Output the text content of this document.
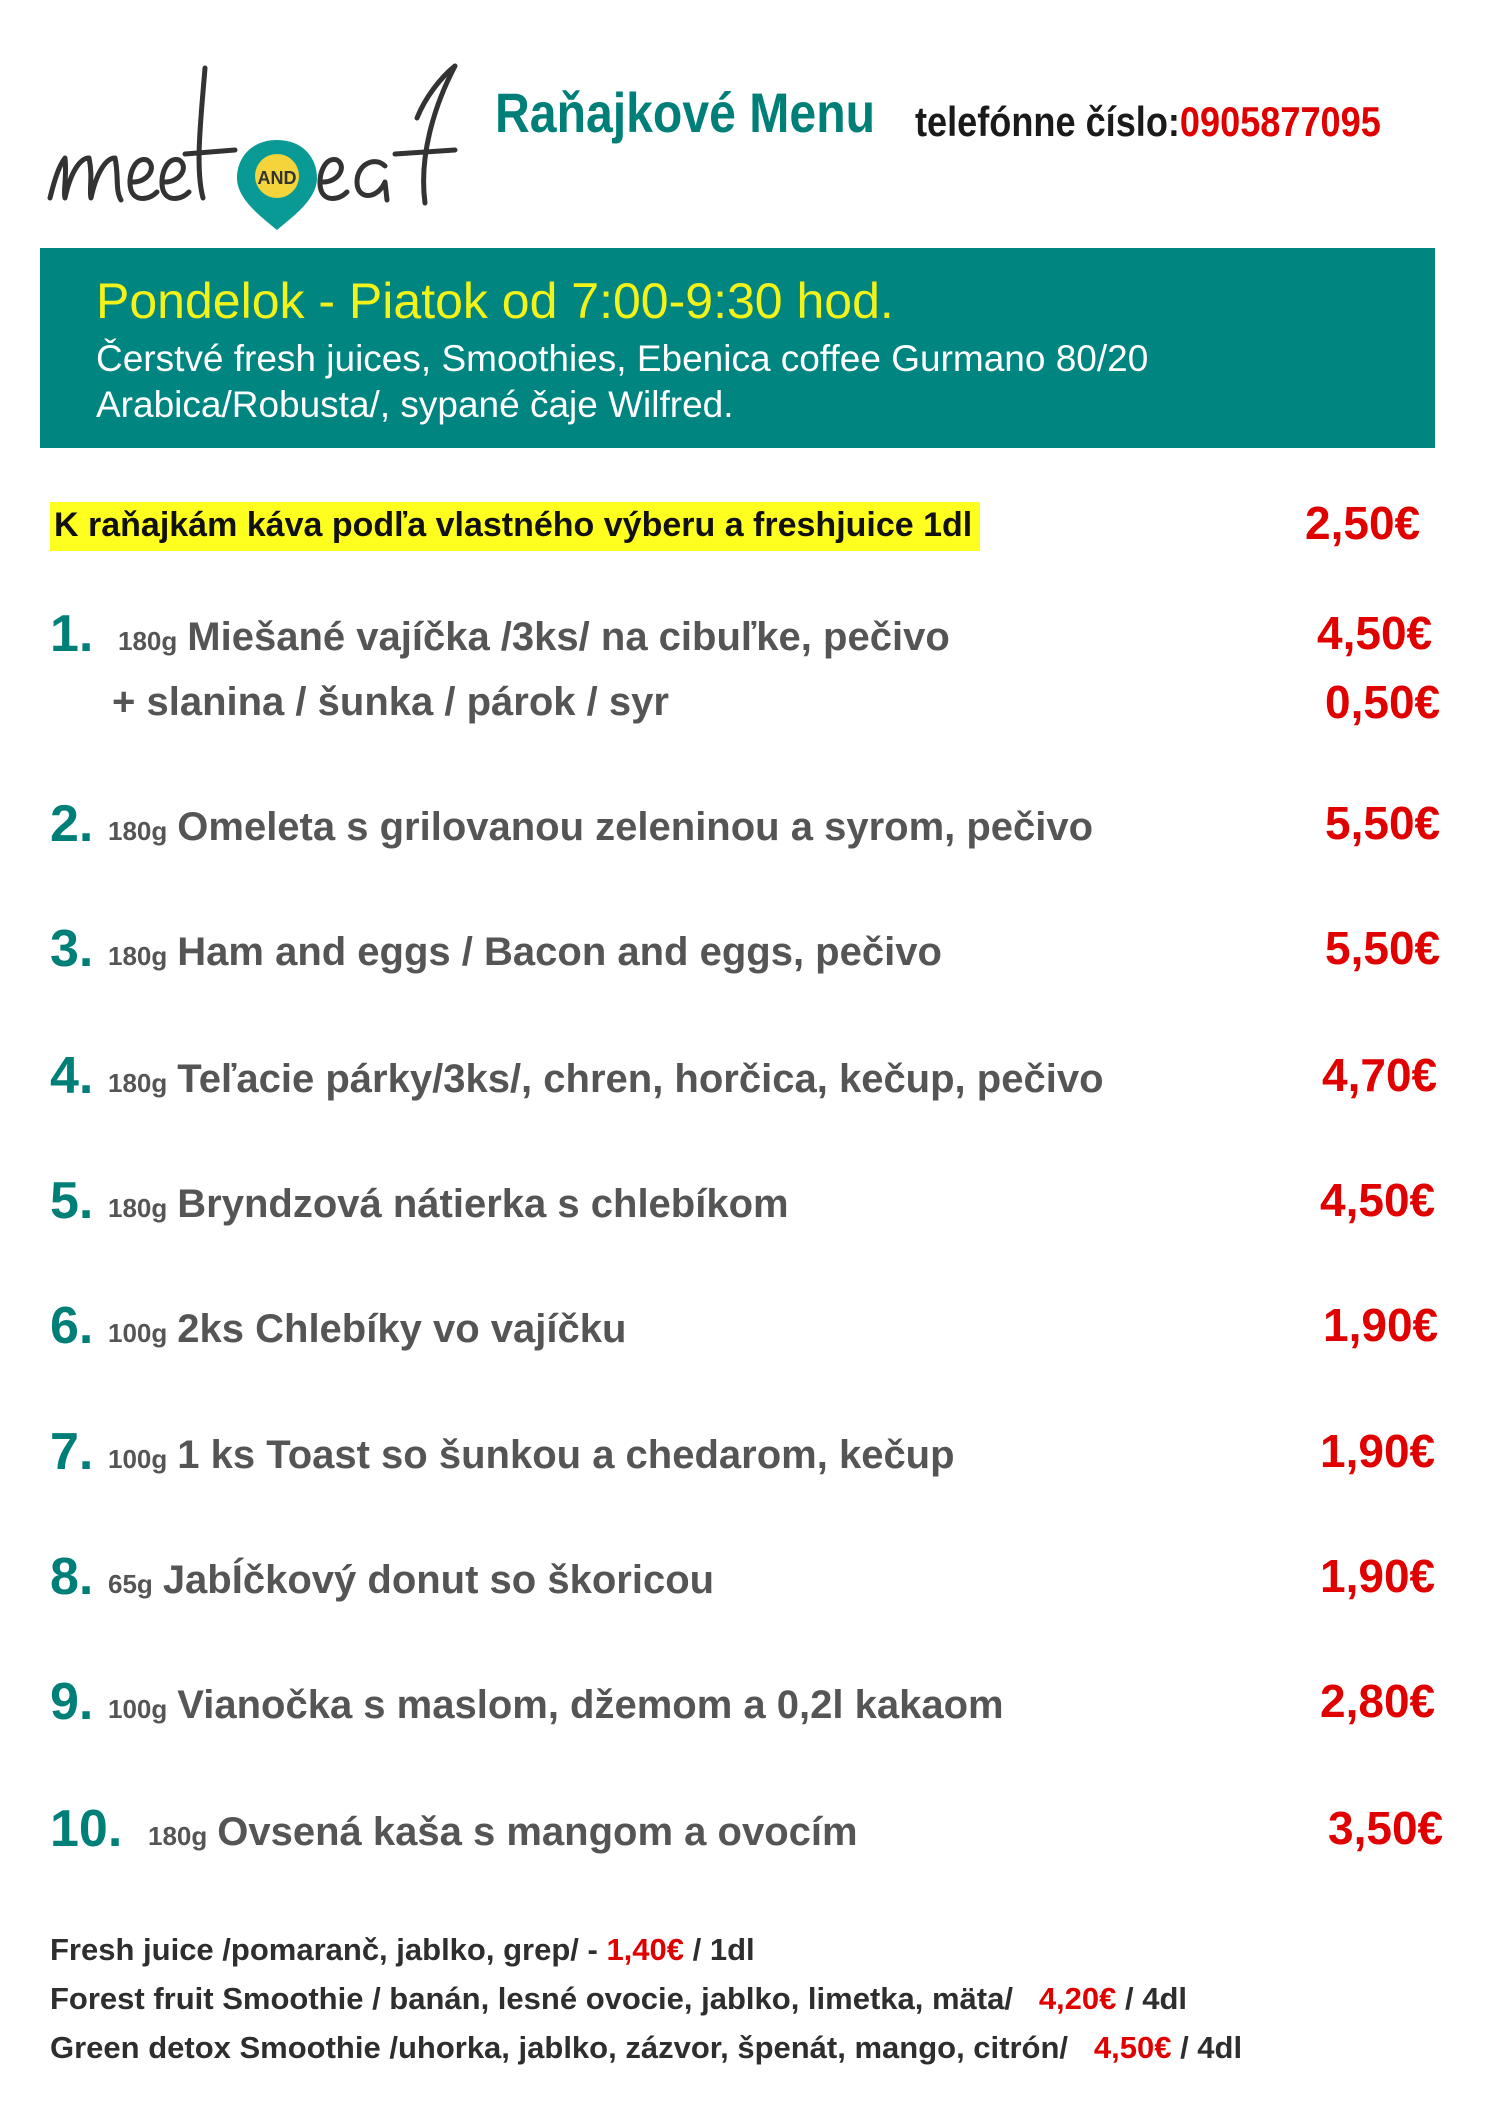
AND
Raňajkové Menu telefónne číslo:0905877095
Pondelok - Piatok od 7:00-9:30 hod.
Čerstvé fresh juices, Smoothies, Ebenica coffee Gurmano 80/20
Arabica/Robusta/, sypané čaje Wilfred.
K raňajkám káva podľa vlastného výberu a freshjuice 1dl	2,50€
1. 180g Miešané vajíčka /3ks/ na cibuľke, pečivo	4,50€
+ slanina / šunka / párok / syr	0,50€
2. 180g Omeleta s grilovanou zeleninou a syrom, pečivo	5,50€
3. 180g Ham and eggs / Bacon and eggs, pečivo	5,50€
4. 180g Teľacie párky/3ks/, chren, horčica, kečup, pečivo	4,70€
5. 180g Bryndzová nátierka s chlebíkom	4,50€
6. 100g 2ks Chlebíky vo vajíčku	1,90€
7. 100g 1 ks Toast so šunkou a chedarom, kečup	1,90€
8. 65g JabÍčkový donut so škoricou	1,90€
9. 100g Vianočka s maslom, džemom a 0,2l kakaom	2,80€
10. 180g Ovsená kaša s mangom a ovocím	3,50€
Fresh juice /pomaranč, jablko, grep/ - 1,40€ / 1dl
Forest fruit Smoothie / banán, lesné ovocie, jablko, limetka, mäta/   4,20€ / 4dl
Green detox Smoothie /uhorka, jablko, zázvor, špenát, mango, citrón/   4,50€ / 4dl
